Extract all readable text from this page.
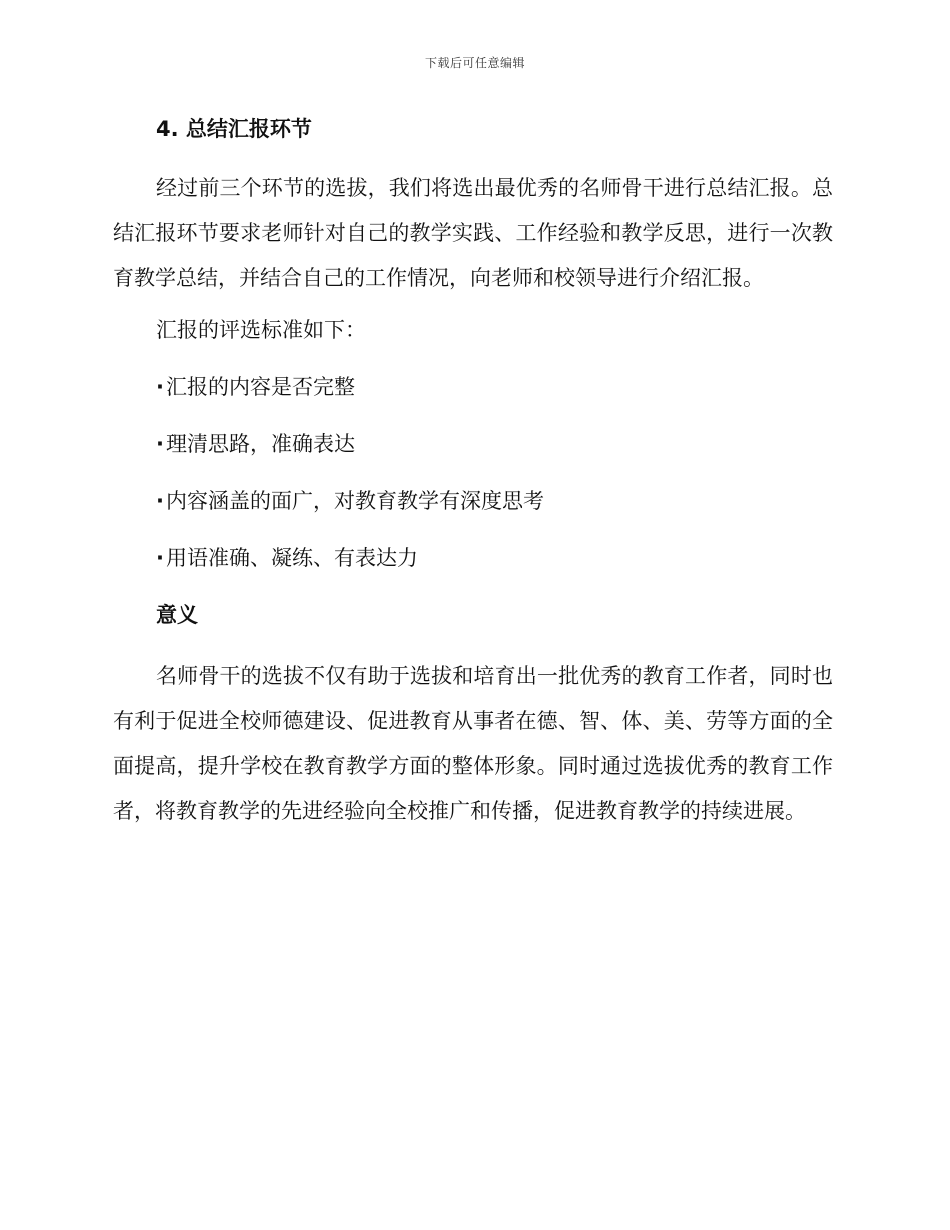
下载后可任意编辑
4. 总结汇报环节

经过前三个环节的选拔，我们将选出最优秀的名师骨干进行总结汇报。总结汇报环节要求老师针对自己的教学实践、工作经验和教学反思，进行一次教育教学总结，并结合自己的工作情况，向老师和校领导进行介绍汇报。

汇报的评选标准如下：
·汇报的内容是否完整
·理清思路，准确表达
·内容涵盖的面广，对教育教学有深度思考
·用语准确、凝练、有表达力
意义

名师骨干的选拔不仅有助于选拔和培育出一批优秀的教育工作者，同时也有利于促进全校师德建设、促进教育从事者在德、智、体、美、劳等方面的全面提高，提升学校在教育教学方面的整体形象。同时通过选拔优秀的教育工作者，将教育教学的先进经验向全校推广和传播，促进教育教学的持续进展。
